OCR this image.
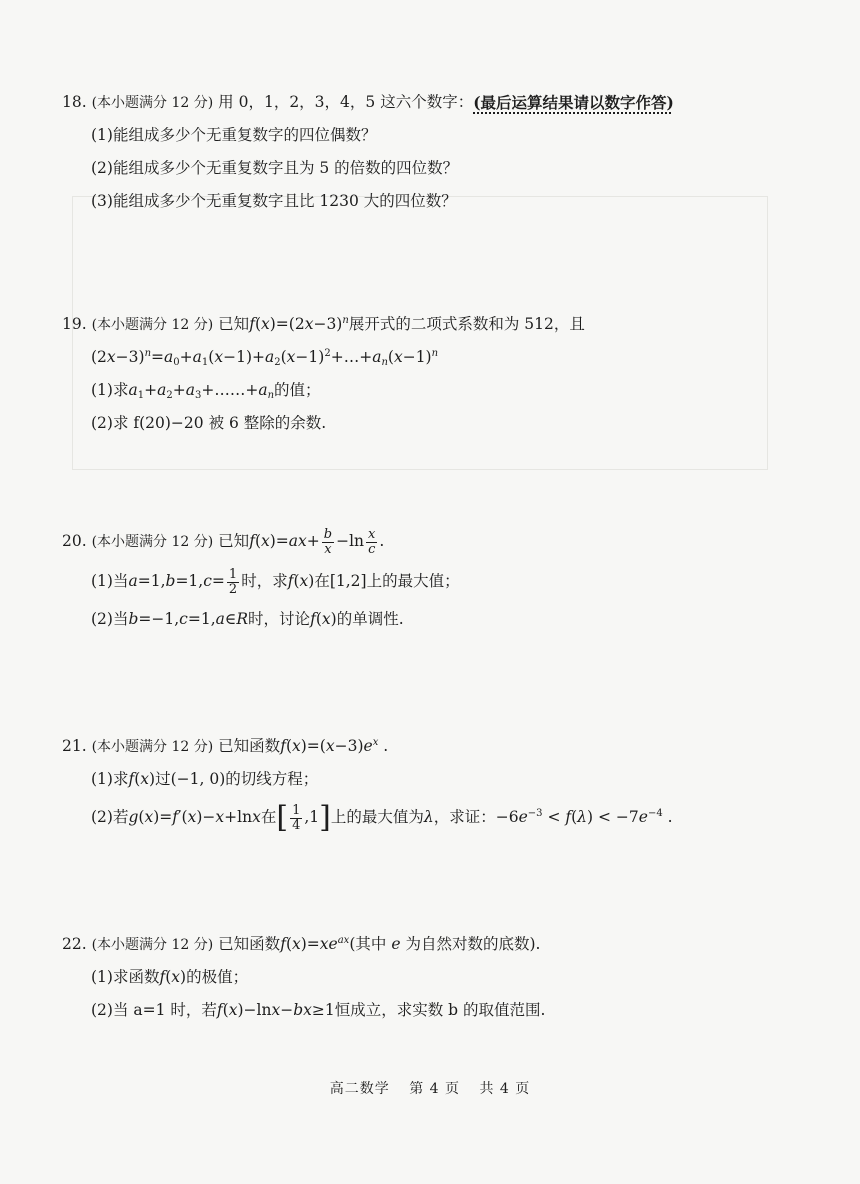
18.
(本小题满分 12 分)
用 0，1，2，3，4，5 这六个数字： (最后运算结果请以数字作答)
(1)能组成多少个无重复数字的四位偶数？
(2)能组成多少个无重复数字且为 5 的倍数的四位数？
(3)能组成多少个无重复数字且比 1230 大的四位数？
19.
(本小题满分 12 分)
已知 $f(x)=(2x-3)^n$ 展开式的二项式系数和为 512，且
$(2x-3)^n=a_0+a_1(x-1)+a_2(x-1)^2+\dots+a_n(x-1)^n$
(1)求 $a_1+a_2+a_3+\dots\dots+a_n$ 的值；
(2)求 f(20)−20 被 6 整除的余数.
20.
(本小题满分 12 分)
已知 $f(x)=ax+ \frac{b}{x} -\ln \frac{x}{c}$ .
(1)当 $a=1,b=1,c= \frac{1}{2}$ 时，求 f(x) 在[1,2]上的最大值；
(2)当 b=−1,c=1,a∈R 时，讨论 f(x) 的单调性.
21.
(本小题满分 12 分)
已知函数 $f(x)=(x-3)e^x$ .
(1)求 f(x) 过(−1, 0)的切线方程；
(2)若 g(x)=f′(x)−x+lnx 在 [ $\frac{1}{4} ,1$] 上的最大值为 λ ，求证： $-6e^{-3} < f(\lambda) < -7e^{-4}$ .
22.
(本小题满分 12 分)
已知函数 $f(x)=xe^{ax}$ (其中 e 为自然对数的底数).
(1)求函数 f(x) 的极值；
(2)当 a=1 时，若 f(x)−lnx−bx≥1 恒成立，求实数 b 的取值范围.
高二数学 第 4 页 共 4 页
